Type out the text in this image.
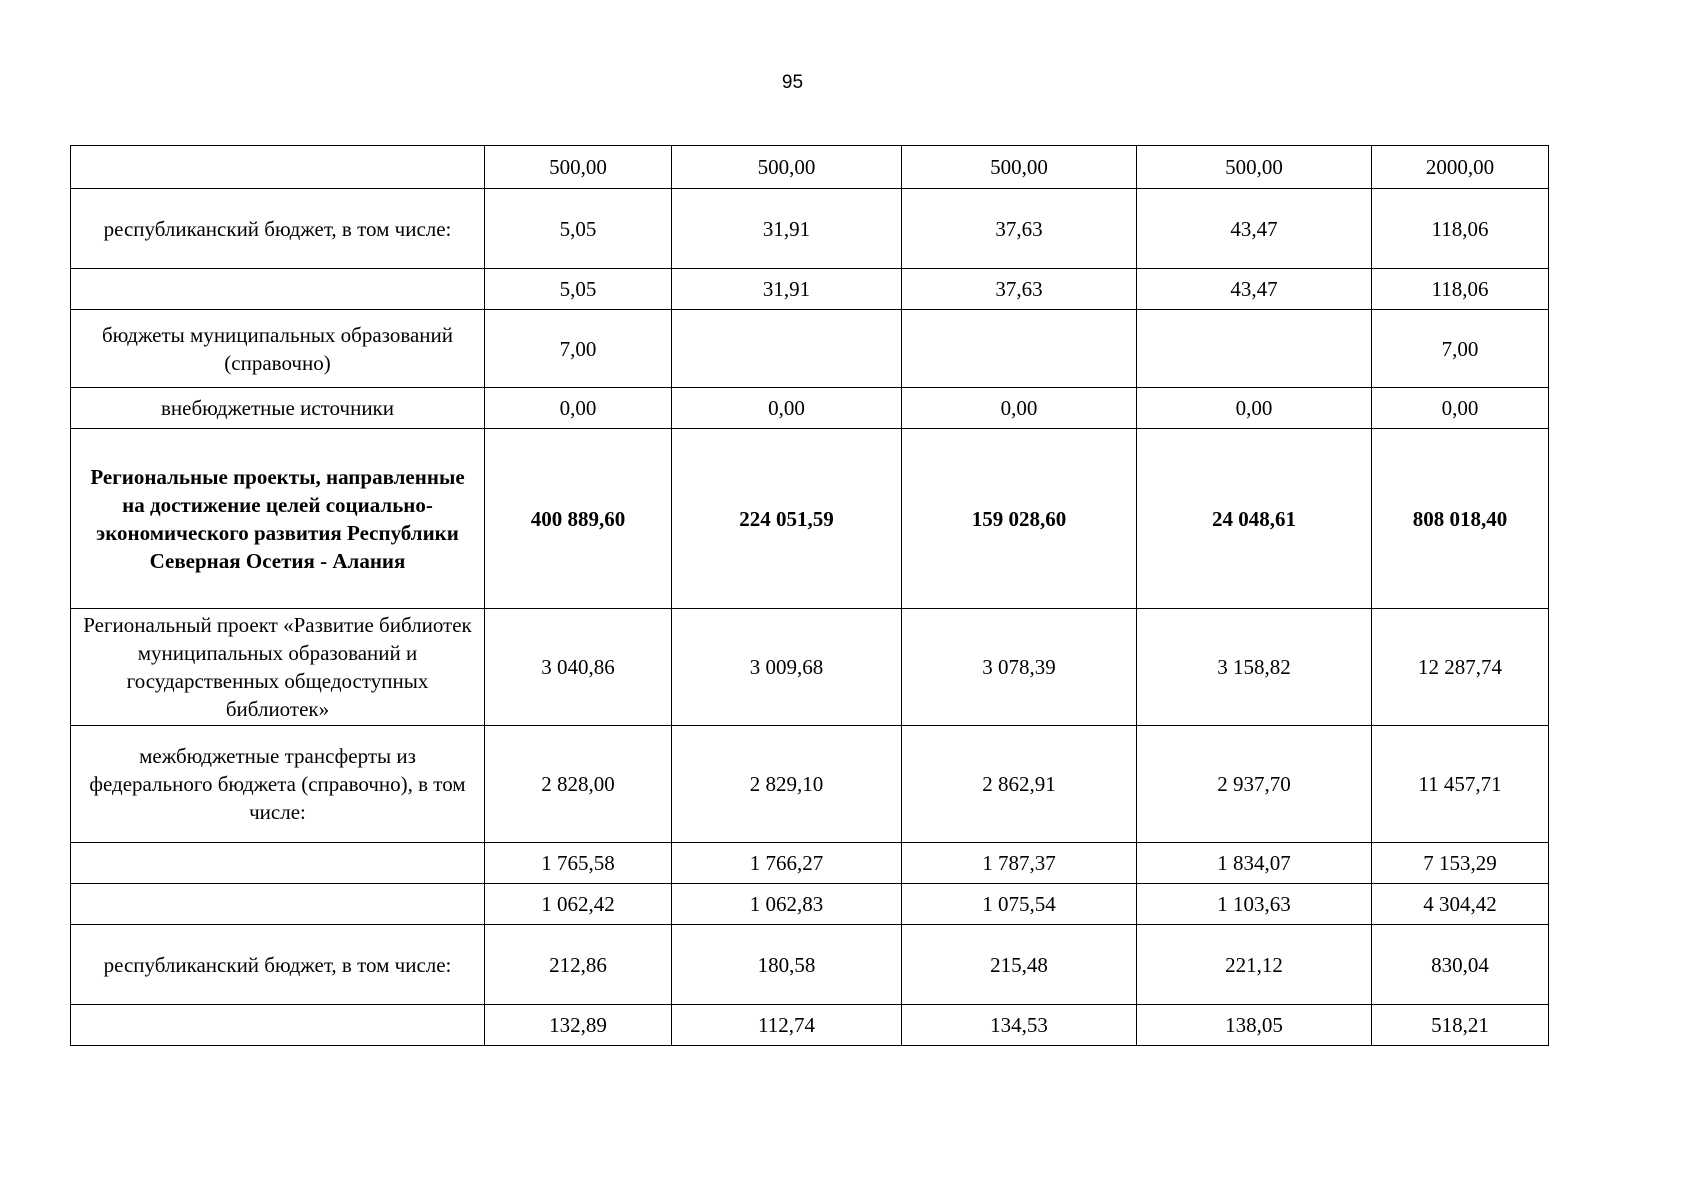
95
	500,00	500,00	500,00	500,00	2000,00
республиканский бюджет, в том числе:	5,05	31,91	37,63	43,47	118,06
	5,05	31,91	37,63	43,47	118,06
бюджеты муниципальных образований (справочно)	7,00				7,00
внебюджетные источники	0,00	0,00	0,00	0,00	0,00
Региональные проекты, направленные на достижение целей социально-экономического развития Республики Северная Осетия - Алания	400 889,60	224 051,59	159 028,60	24 048,61	808 018,40
Региональный проект «Развитие библиотек муниципальных образований и государственных общедоступных библиотек»	3 040,86	3 009,68	3 078,39	3 158,82	12 287,74
межбюджетные трансферты из федерального бюджета (справочно), в том числе:	2 828,00	2 829,10	2 862,91	2 937,70	11 457,71
	1 765,58	1 766,27	1 787,37	1 834,07	7 153,29
	1 062,42	1 062,83	1 075,54	1 103,63	4 304,42
республиканский бюджет, в том числе:	212,86	180,58	215,48	221,12	830,04
	132,89	112,74	134,53	138,05	518,21
